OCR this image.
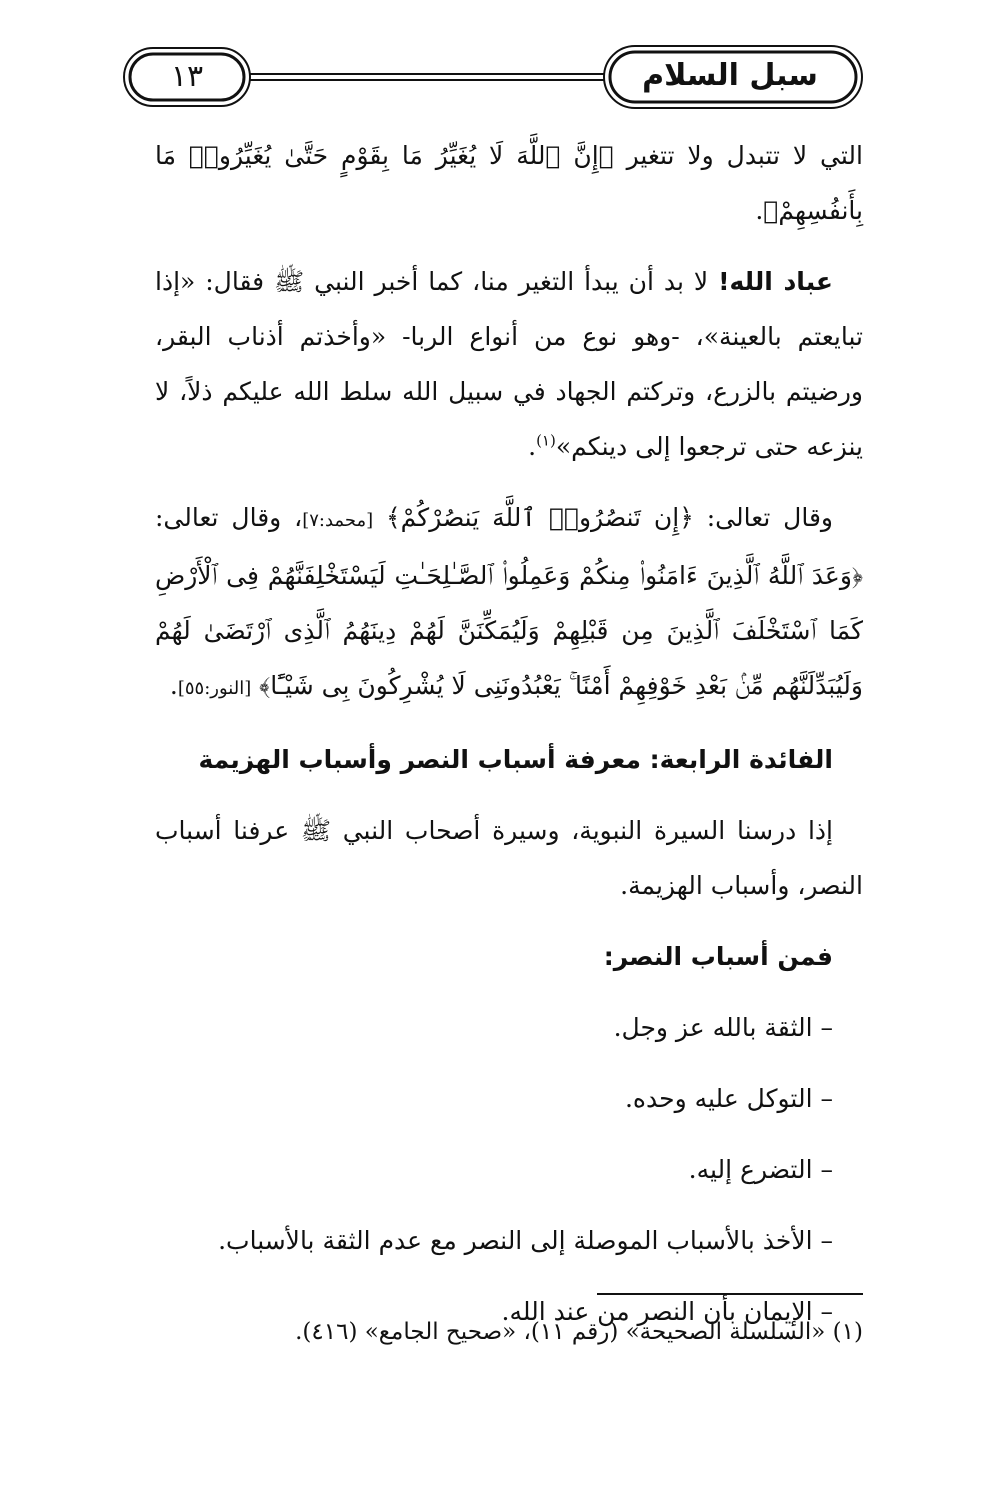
سبل السلام
١٣

التي لا تتبدل ولا تتغير ﴿إِنَّ ٱللَّهَ لَا يُغَيِّرُ مَا بِقَوْمٍ حَتَّىٰ يُغَيِّرُوا۟ مَا بِأَنفُسِهِمْ﴾.

عباد الله! لا بد أن يبدأ التغير منا، كما أخبر النبي ﷺ فقال: «إذا تبايعتم بالعينة»، -وهو نوع من أنواع الربا- «وأخذتم أذناب البقر، ورضيتم بالزرع، وتركتم الجهاد في سبيل الله سلط الله عليكم ذلاً، لا ينزعه حتى ترجعوا إلى دينكم»$^{(١)}$.

وقال تعالى: ﴿إِن تَنصُرُوا۟ ٱللَّهَ يَنصُرْكُمْ﴾ [محمد:٧]، وقال تعالى: ﴿وَعَدَ ٱللَّهُ ٱلَّذِينَ ءَامَنُوا۟ مِنكُمْ وَعَمِلُوا۟ ٱلصَّـٰلِحَـٰتِ لَيَسْتَخْلِفَنَّهُمْ فِى ٱلْأَرْضِ كَمَا ٱسْتَخْلَفَ ٱلَّذِينَ مِن قَبْلِهِمْ وَلَيُمَكِّنَنَّ لَهُمْ دِينَهُمُ ٱلَّذِى ٱرْتَضَىٰ لَهُمْ وَلَيُبَدِّلَنَّهُم مِّنۢ بَعْدِ خَوْفِهِمْ أَمْنًا ۚ يَعْبُدُونَنِى لَا يُشْرِكُونَ بِى شَيْـًٔا﴾ [النور:٥٥].

الفائدة الرابعة: معرفة أسباب النصر وأسباب الهزيمة

إذا درسنا السيرة النبوية، وسيرة أصحاب النبي ﷺ عرفنا أسباب النصر، وأسباب الهزيمة.

فمن أسباب النصر:

– الثقة بالله عز وجل.

– التوكل عليه وحده.

– التضرع إليه.

– الأخذ بالأسباب الموصلة إلى النصر مع عدم الثقة بالأسباب.

– الإيمان بأن النصر من عند الله.

(١) «السلسلة الصحيحة» (رقم ١١)، «صحيح الجامع» (٤١٦).
